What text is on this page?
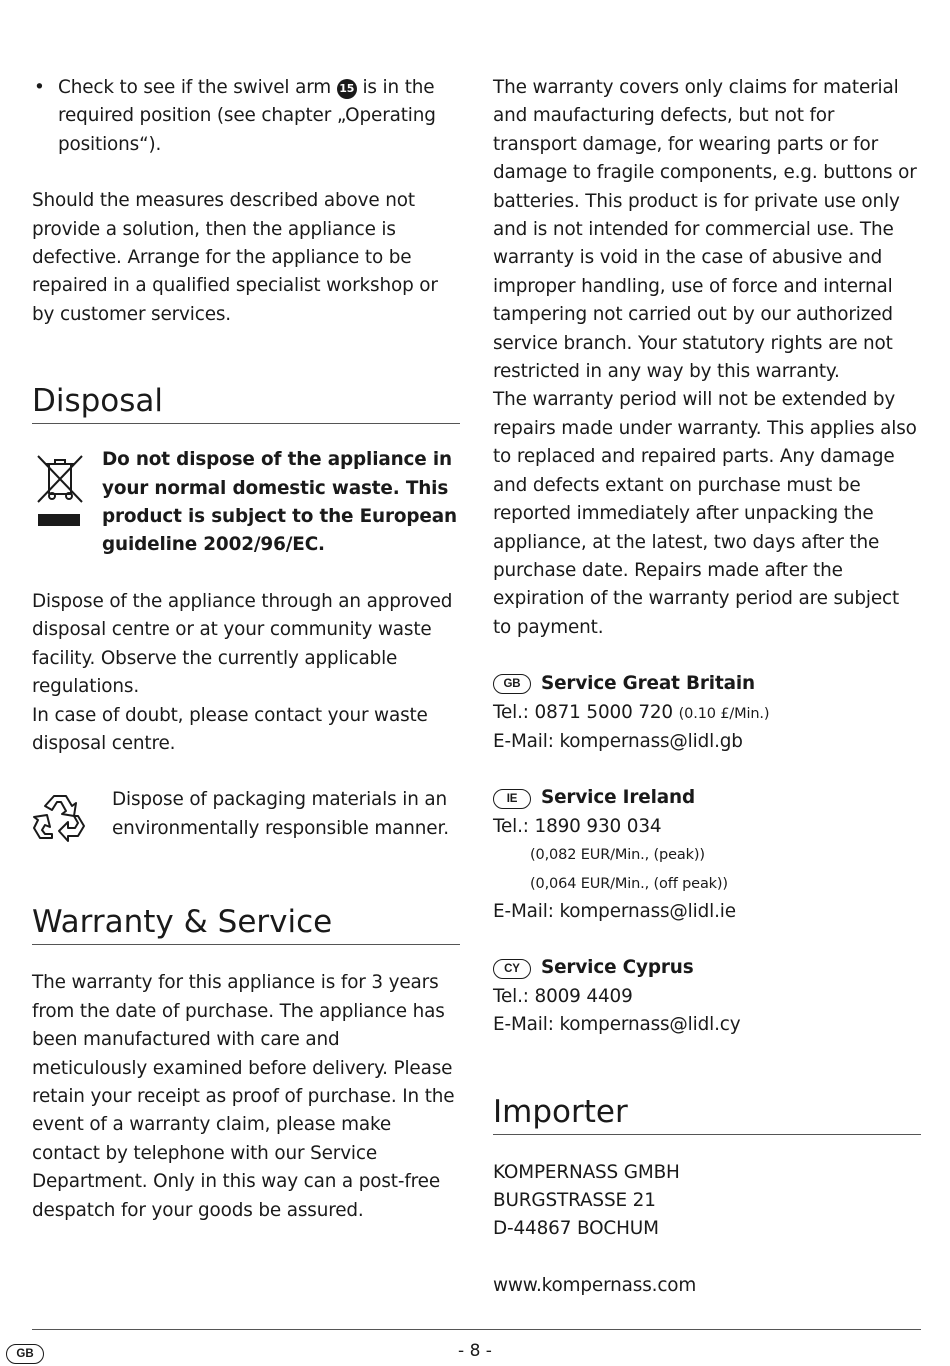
• Check to see if the swivel arm 15 is in the required position (see chapter „Operating positions“).

Should the measures described above not provide a solution, then the appliance is defective. Arrange for the appliance to be repaired in a qualified specialist workshop or by customer services.

Disposal

Do not dispose of the appliance in your normal domestic waste. This product is subject to the European guideline 2002/96/EC.

Dispose of the appliance through an approved disposal centre or at your community waste facility. Observe the currently applicable regulations.

In case of doubt, please contact your waste disposal centre.

Dispose of packaging materials in an environmentally responsible manner.

Warranty & Service

The warranty for this appliance is for 3 years from the date of purchase. The appliance has been manufactured with care and meticulously examined before delivery. Please retain your receipt as proof of purchase. In the event of a warranty claim, please make contact by telephone with our Service Department. Only in this way can a post-free despatch for your goods be assured.

The warranty covers only claims for material and maufacturing defects, but not for transport damage, for wearing parts or for damage to fragile components, e.g. buttons or batteries. This product is for private use only and is not intended for commercial use. The warranty is void in the case of abusive and improper handling, use of force and internal tampering not carried out by our authorized service branch. Your statutory rights are not restricted in any way by this warranty.

The warranty period will not be extended by repairs made under warranty. This applies also to replaced and repaired parts. Any damage and defects extant on purchase must be reported immediately after unpacking the appliance, at the latest, two days after the purchase date. Repairs made after the expiration of the warranty period are subject to payment.

GB	Service Great Britain

Tel.: 0871 5000 720 (0.10 £/Min.)

E-Mail: kompernass@lidl.gb

IE	Service Ireland

Tel.: 1890 930 034

(0,082 EUR/Min., (peak))

(0,064 EUR/Min., (off peak))

E-Mail: kompernass@lidl.ie

CY	Service Cyprus

Tel.: 8009 4409

E-Mail: kompernass@lidl.cy

Importer

KOMPERNASS GMBH

BURGSTRASSE 21

D-44867 BOCHUM

www.kompernass.com

GB	- 8 -
